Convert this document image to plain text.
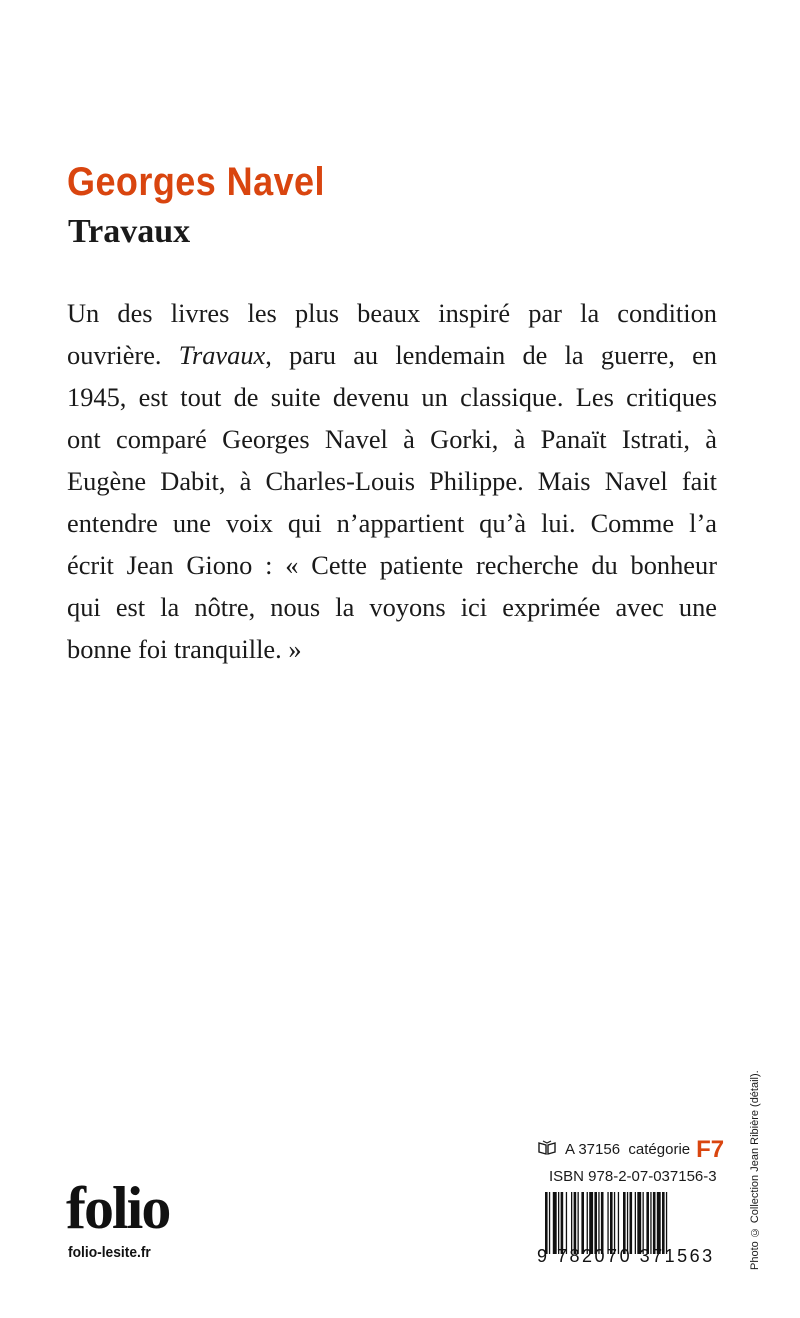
Georges Navel
Travaux
Un des livres les plus beaux inspiré par la condition
ouvrière. Travaux, paru au lendemain de la guerre, en
1945, est tout de suite devenu un classique. Les critiques
ont comparé Georges Navel à Gorki, à Panaït Istrati, à
Eugène Dabit, à Charles-Louis Philippe. Mais Navel fait
entendre une voix qui n’appartient qu’à lui. Comme l’a
écrit Jean Giono : « Cette patiente recherche du bonheur
qui est la nôtre, nous la voyons ici exprimée avec une
bonne foi tranquille. »
Photo © Collection Jean Ribière (détail).
A 37156 catégorie F7
ISBN 978-2-07-037156-3
9 782070 371563
folio
folio-lesite.fr
